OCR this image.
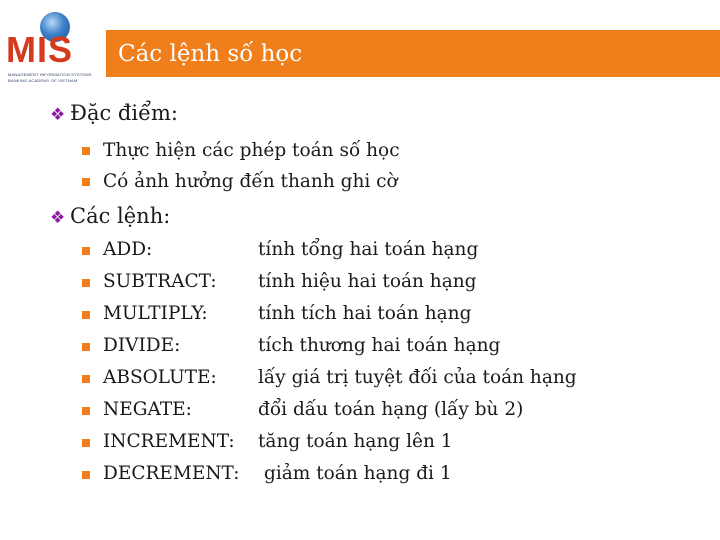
MIS
MANAGEMENT INFORMATION SYSTEMS
BANKING ACADEMY OF VIETNAM
Các lệnh số học
❖ Đặc điểm:
Thực hiện các phép toán số học
Có ảnh hưởng đến thanh ghi cờ
❖ Các lệnh:
ADD:	tính tổng hai toán hạng
SUBTRACT: tính hiệu hai toán hạng
MULTIPLY:	tính tích hai toán hạng
DIVIDE:	tích thương hai toán hạng
ABSOLUTE: lấy giá trị tuyệt đối của toán hạng
NEGATE:	đổi dấu toán hạng (lấy bù 2)
INCREMENT: tăng toán hạng lên 1
DECREMENT: giảm toán hạng đi 1
